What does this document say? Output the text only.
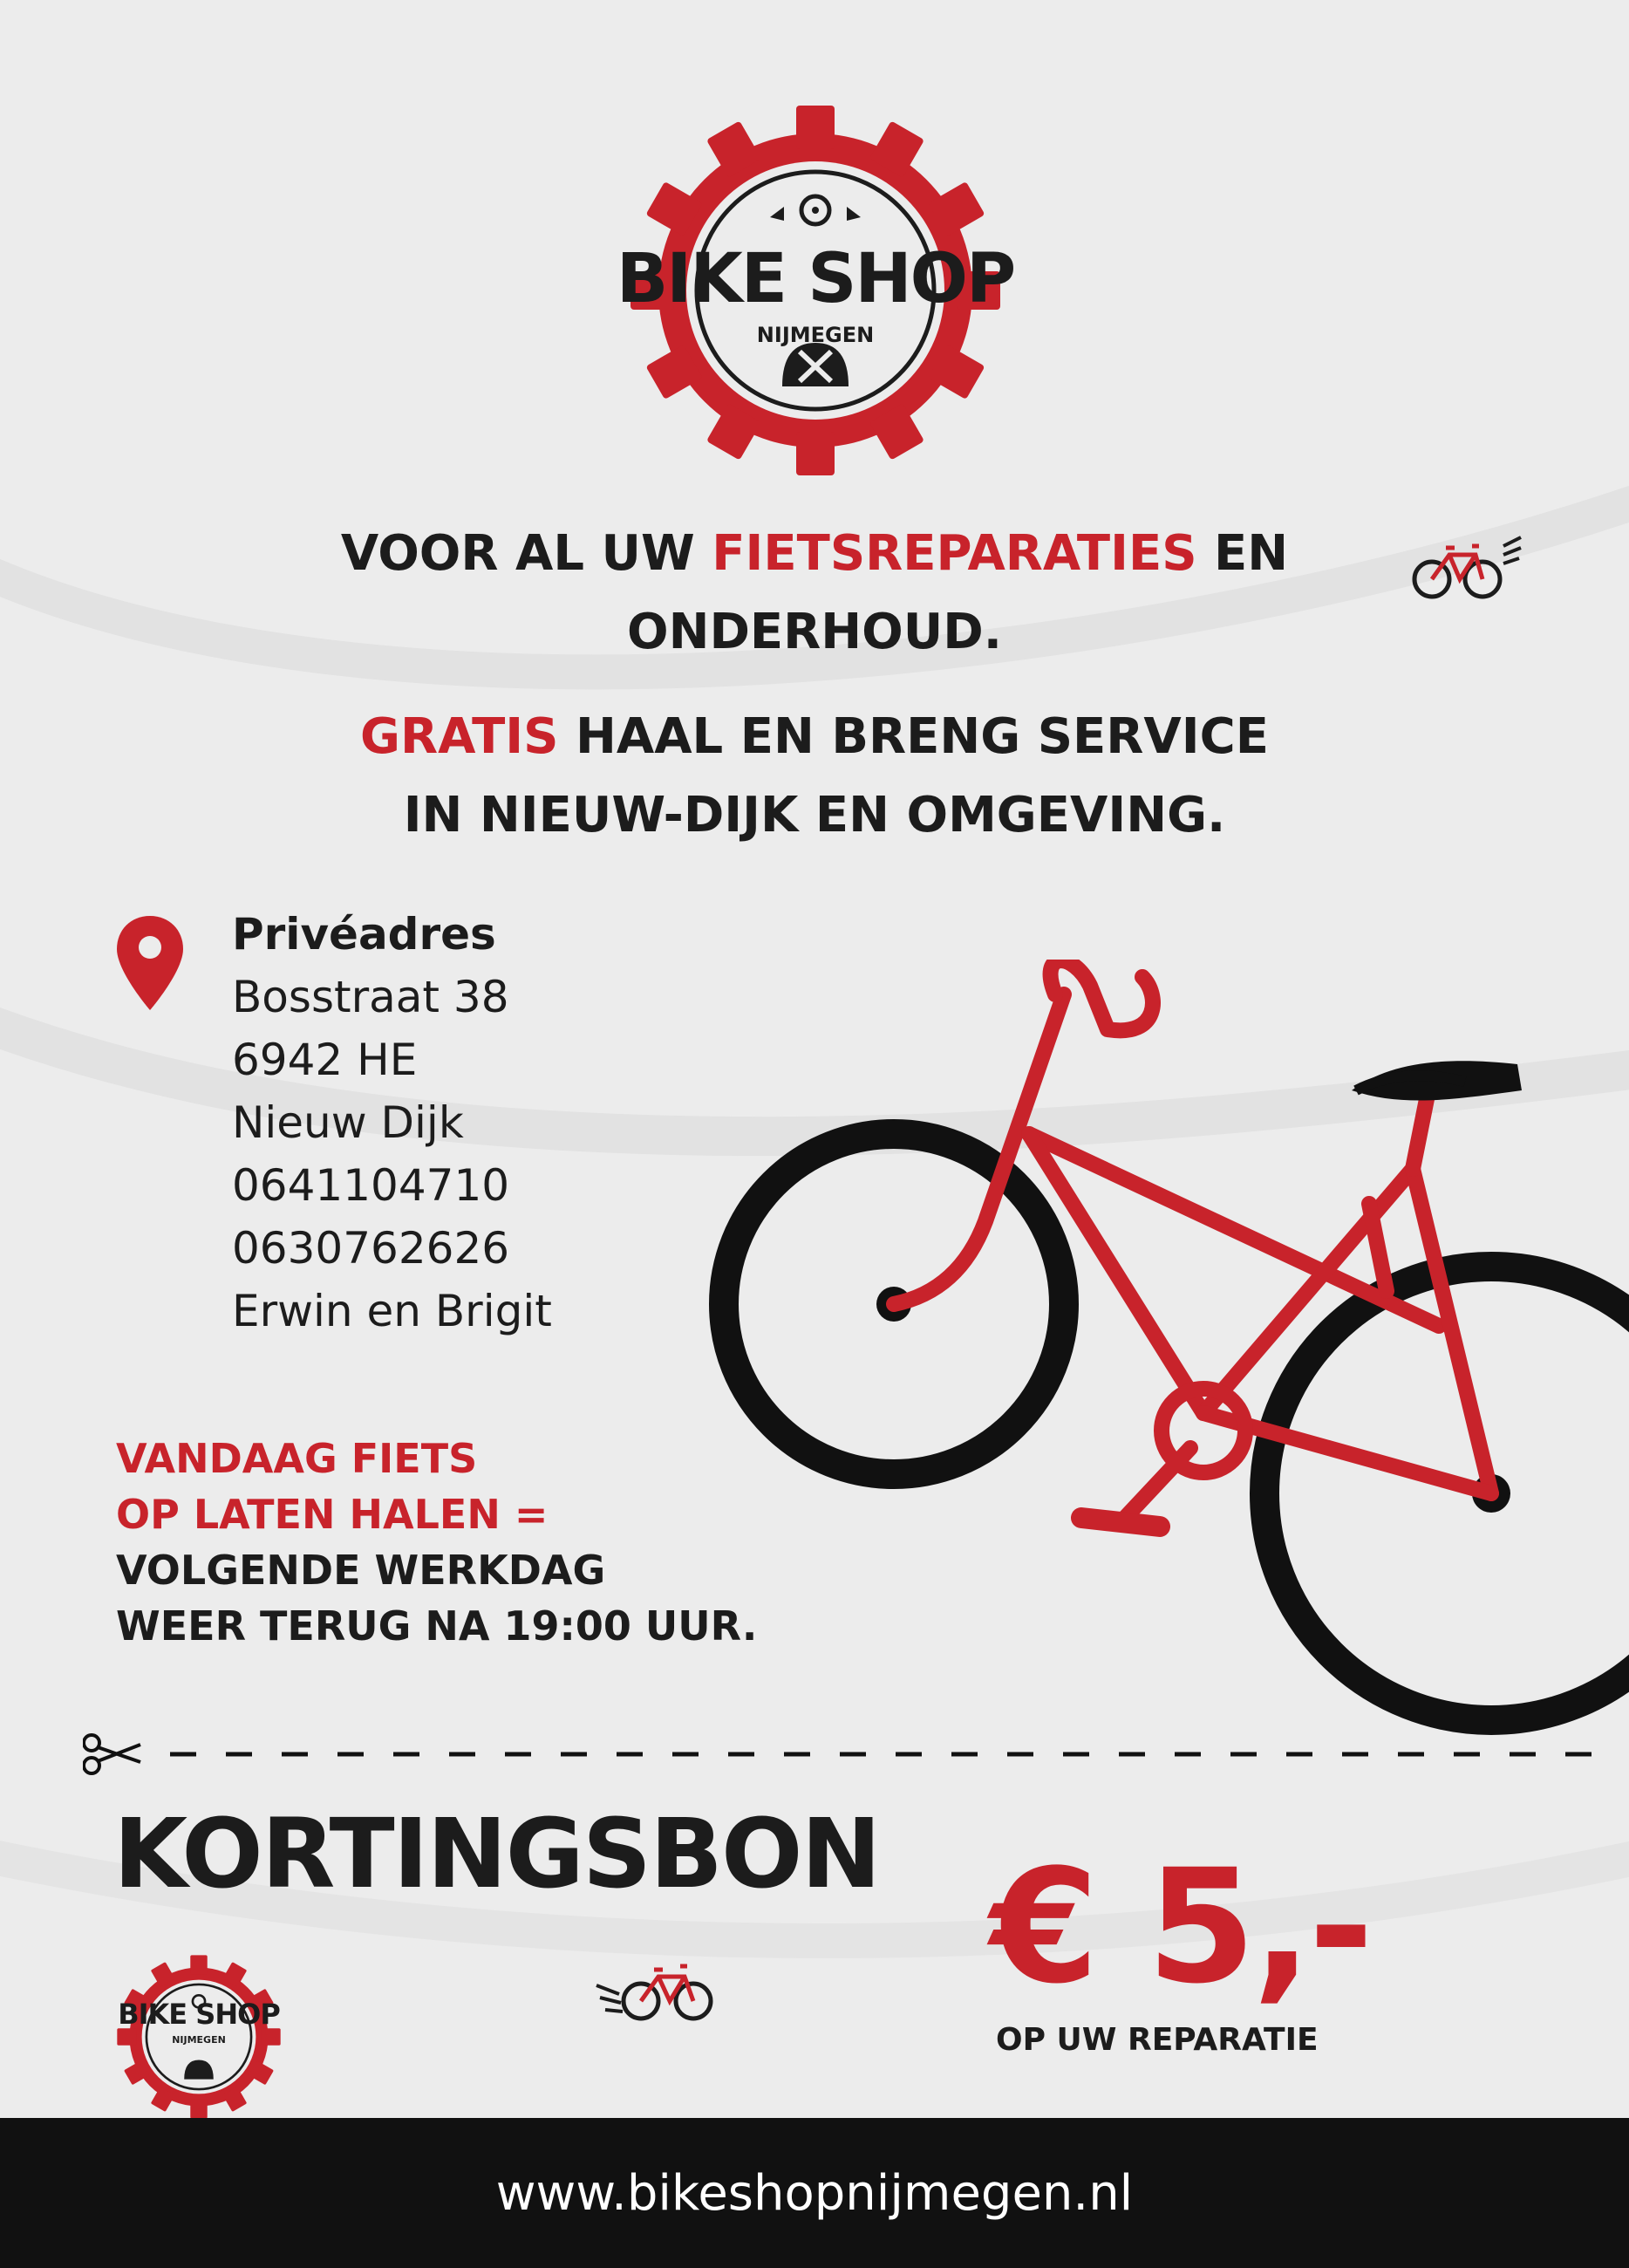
BIKE SHOP
NIJMEGEN
VOOR AL UW FIETSREPARATIES EN
ONDERHOUD.
GRATIS HAAL EN BRENG SERVICE
IN NIEUW-DIJK EN OMGEVING.
Privéadres
Bosstraat 38
6942 HE
Nieuw Dijk
0641104710
0630762626
Erwin en Brigit
VANDAAG FIETS
OP LATEN HALEN =
VOLGENDE WERKDAG
WEER TERUG NA 19:00 UUR.
KORTINGSBON € 5,-
OP UW REPARATIE
BIKE SHOP
NIJMEGEN
www.bikeshopnijmegen.nl
